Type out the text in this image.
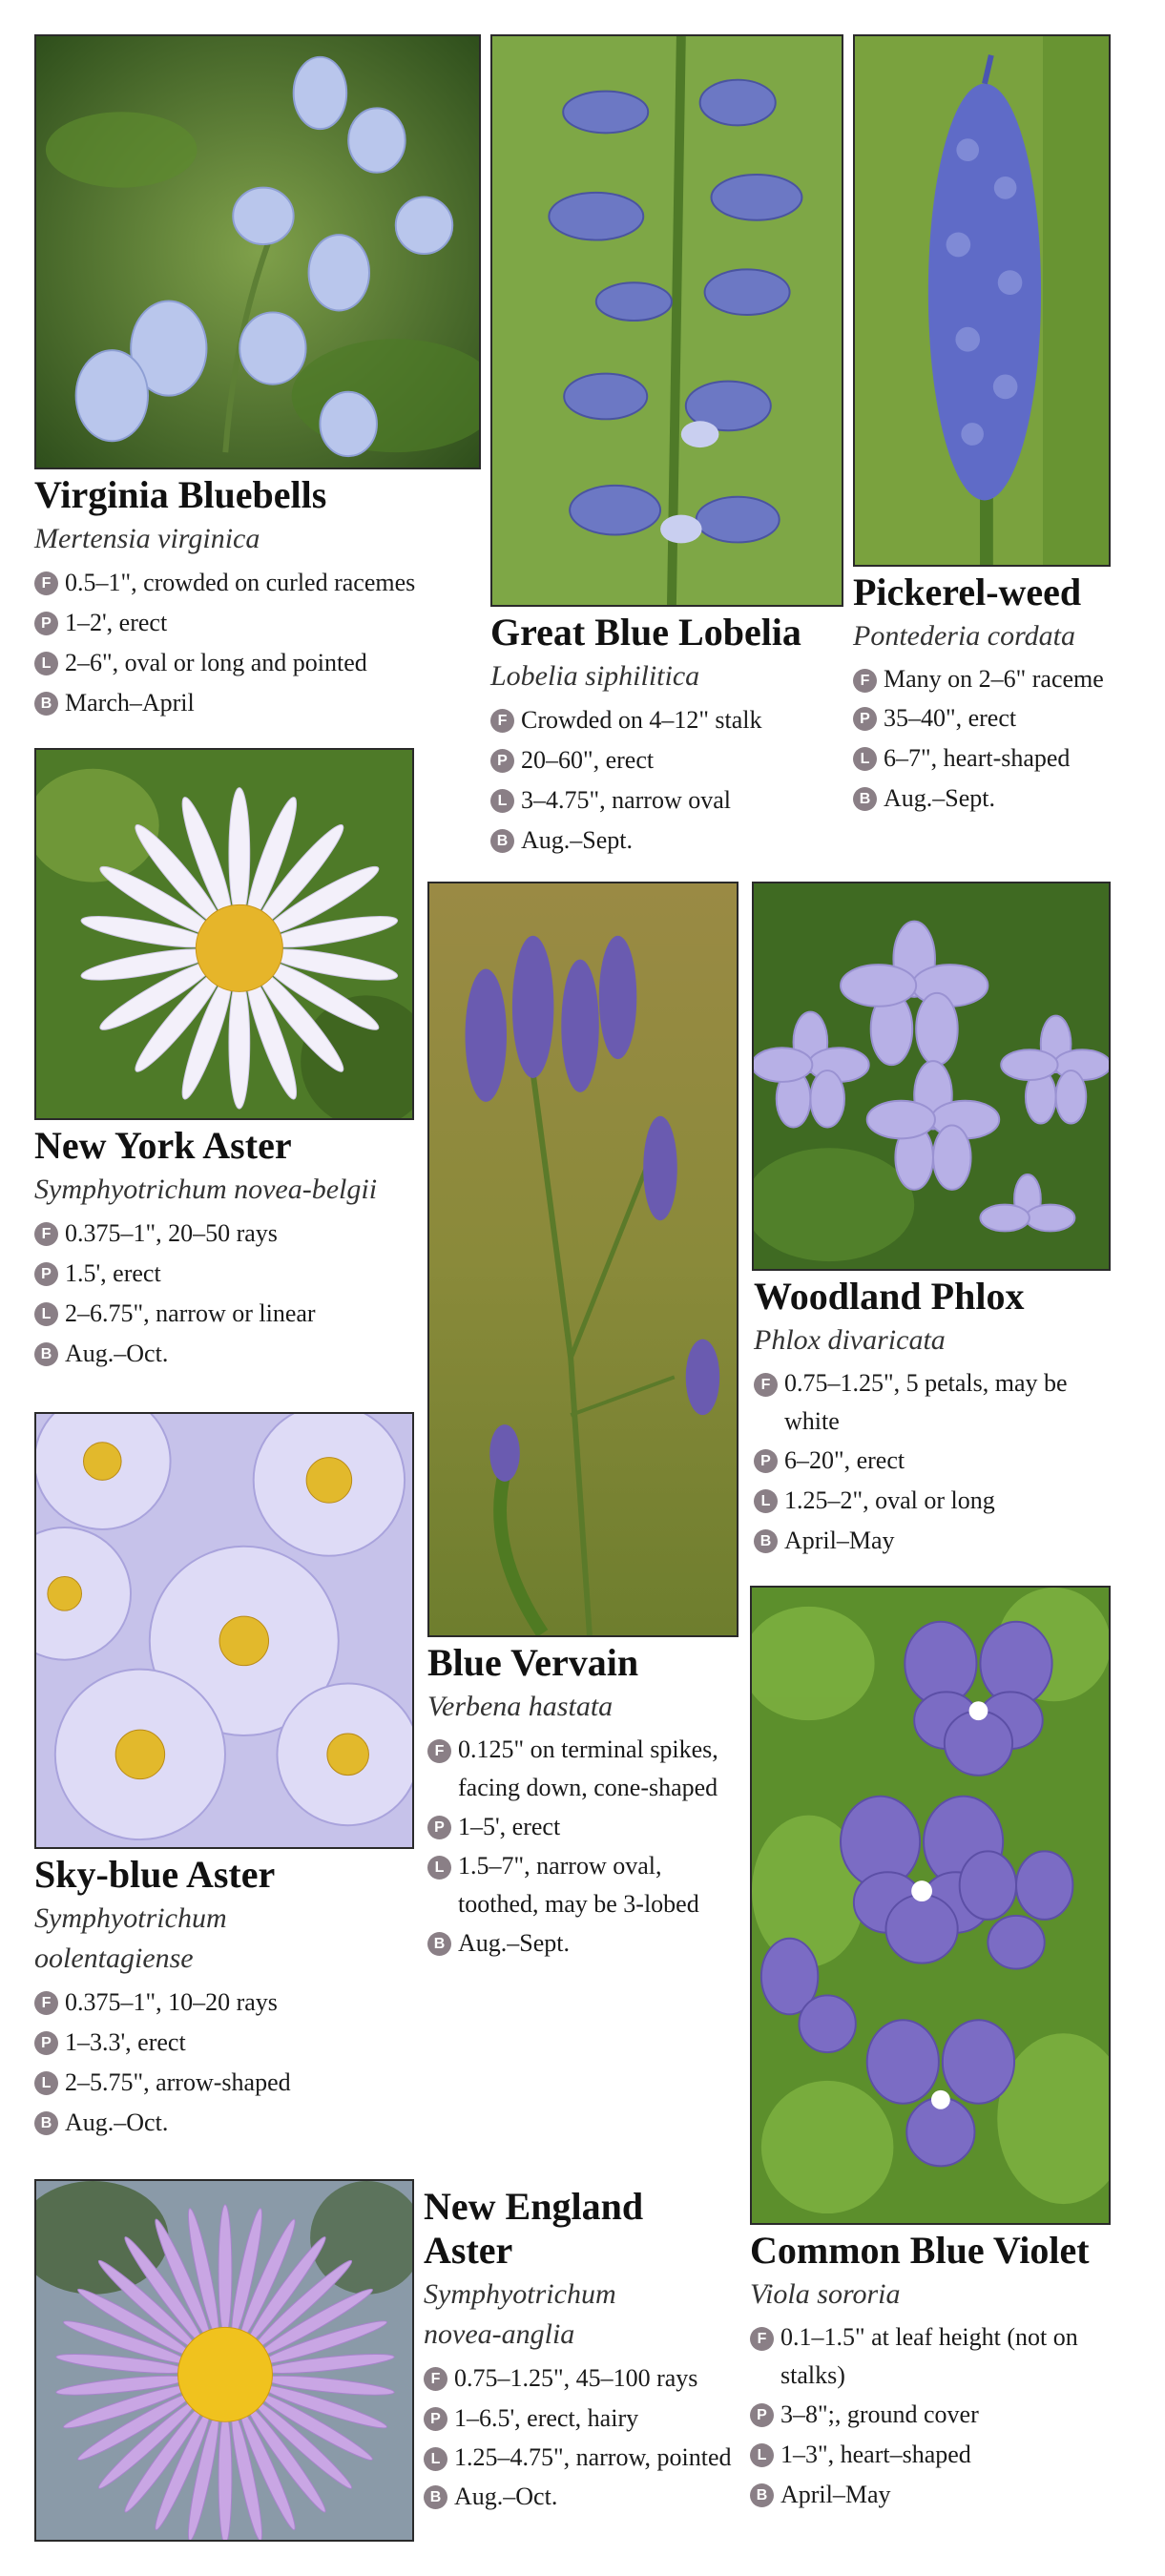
Virginia Bluebells
Mertensia virginica
F 0.5–1", crowded on curled racemes
P 1–2', erect
L 2–6", oval or long and pointed
B March–April
Great Blue Lobelia
Lobelia siphilitica
F Crowded on 4–12" stalk
P 20–60", erect
L 3–4.75", narrow oval
B Aug.–Sept.
Pickerel-weed
Pontederia cordata
F Many on 2–6" raceme
P 35–40", erect
L 6–7", heart-shaped
B Aug.–Sept.
New York Aster
Symphyotrichum novea-belgii
F 0.375–1", 20–50 rays
P 1.5', erect
L 2–6.75", narrow or linear
B Aug.–Oct.
Woodland Phlox
Phlox divaricata
F 0.75–1.25", 5 petals, may be white
P 6–20", erect
L 1.25–2", oval or long
B April–May
Blue Vervain
Verbena hastata
F 0.125" on terminal spikes, facing down, cone-shaped
P 1–5', erect
L 1.5–7", narrow oval, toothed, may be 3-lobed
B Aug.–Sept.
Sky-blue Aster
Symphyotrichum oolentagiense
F 0.375–1", 10–20 rays
P 1–3.3', erect
L 2–5.75", arrow-shaped
B Aug.–Oct.
New England Aster
Symphyotrichum novea-anglia
F 0.75–1.25", 45–100 rays
P 1–6.5', erect, hairy
L 1.25–4.75", narrow, pointed
B Aug.–Oct.
Common Blue Violet
Viola sororia
F 0.1–1.5" at leaf height (not on stalks)
P 3–8";, ground cover
L 1–3", heart–shaped
B April–May
